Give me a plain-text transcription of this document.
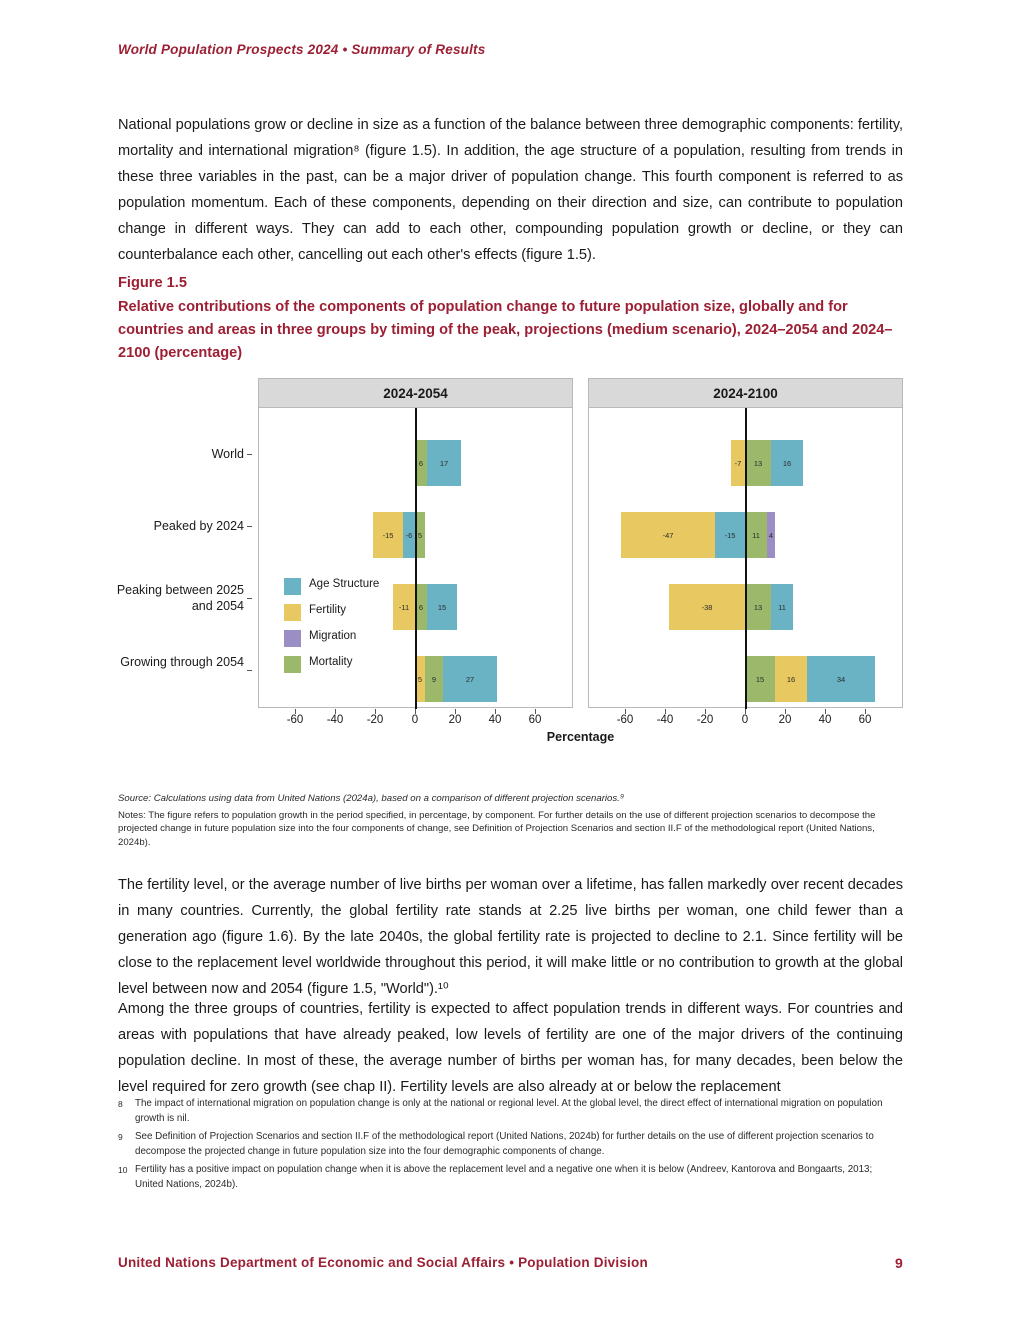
World Population Prospects 2024 • Summary of Results

National populations grow or decline in size as a function of the balance between three demographic components: fertility, mortality and international migration⁸ (figure 1.5). In addition, the age structure of a population, resulting from trends in these three variables in the past, can be a major driver of population change. This fourth component is referred to as population momentum. Each of these components, depending on their direction and size, can contribute to population change in different ways. They can add to each other, compounding population growth or decline, or they can counterbalance each other, cancelling out each other's effects (figure 1.5).

Figure 1.5
Relative contributions of the components of population change to future population size, globally and for countries and areas in three groups by timing of the peak, projections (medium scenario), 2024–2054 and 2024–2100 (percentage)
World
Peaked by 2024
Peaking between 2025 and 2054
Growing through 2054
2024-2054
6	17
-6
-15	5
-11	6	15
5	9	27
2024-2100
-7	13	16
-15
-47	11	4
-38	13	11
15	16	34
Age Structure
Fertility
Migration
Mortality
-60 -40 -20 0	20 40 60	-60 -40 -20 0	20 40 60
Percentage
Source: Calculations using data from United Nations (2024a), based on a comparison of different projection scenarios.⁹
Notes: The figure refers to population growth in the period specified, in percentage, by component. For further details on the use of different projection scenarios to decompose the projected change in future population size into the four components of change, see Definition of Projection Scenarios and section II.F of the methodological report (United Nations, 2024b).

The fertility level, or the average number of live births per woman over a lifetime, has fallen markedly over recent decades in many countries. Currently, the global fertility rate stands at 2.25 live births per woman, one child fewer than a generation ago (figure 1.6). By the late 2040s, the global fertility rate is projected to decline to 2.1. Since fertility will be close to the replacement level worldwide throughout this period, it will make little or no contribution to growth at the global level between now and 2054 (figure 1.5, "World").¹⁰

Among the three groups of countries, fertility is expected to affect population trends in different ways. For countries and areas with populations that have already peaked, low levels of fertility are one of the major drivers of the continuing population decline. In most of these, the average number of births per woman has, for many decades, been below the level required for zero growth (see chap II). Fertility levels are also already at or below the replacement

8	The impact of international migration on population change is only at the national or regional level. At the global level, the direct effect of international migration on population growth is nil.
9	See Definition of Projection Scenarios and section II.F of the methodological report (United Nations, 2024b) for further details on the use of different projection scenarios to decompose the projected change in future population size into the four demographic components of change.
10 Fertility has a positive impact on population change when it is above the replacement level and a negative one when it is below (Andreev, Kantorova and Bongaarts, 2013; United Nations, 2024b).
United Nations Department of Economic and Social Affairs • Population Division	9
